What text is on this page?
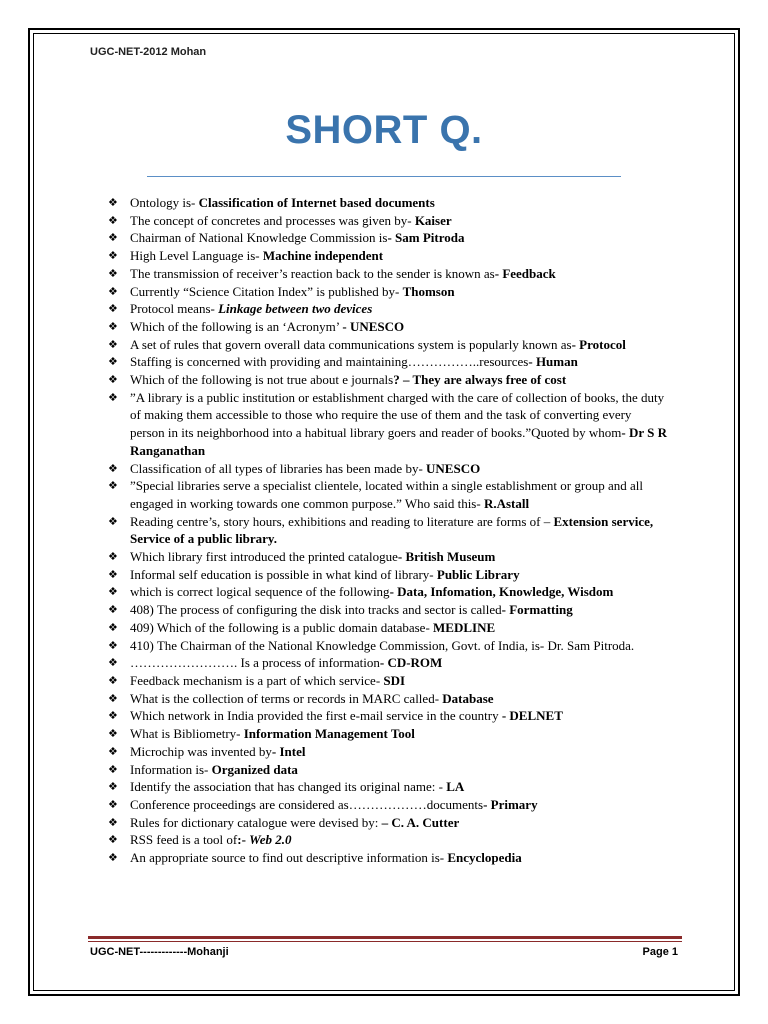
UGC-NET-2012 Mohan
SHORT Q.
❖ Ontology is- Classification of Internet based documents
❖ The concept of concretes and processes was given by- Kaiser
❖ Chairman of National Knowledge Commission is- Sam Pitroda
❖ High Level Language is- Machine independent
❖ The transmission of receiver’s reaction back to the sender is known as- Feedback
❖ Currently “Science Citation Index” is published by- Thomson
❖ Protocol means- Linkage between two devices
❖ Which of the following is an ‘Acronym’ - UNESCO
❖ A set of rules that govern overall data communications system is popularly known as- Protocol
❖ Staffing is concerned with providing and maintaining……………..resources- Human
❖ Which of the following is not true about e journals? – They are always free of cost
❖ ”A library is a public institution or establishment charged with the care of collection of books, the duty of making them accessible to those who require the use of them and the task of converting every person in its neighborhood into a habitual library goers and reader of books.”Quoted by whom- Dr S R Ranganathan
❖ Classification of all types of libraries has been made by- UNESCO
❖ ”Special libraries serve a specialist clientele, located within a single establishment or group and all engaged in working towards one common purpose.” Who said this- R.Astall
❖ Reading centre’s, story hours, exhibitions and reading to literature are forms of – Extension service, Service of a public library.
❖ Which library first introduced the printed catalogue- British Museum
❖ Informal self education is possible in what kind of library- Public Library
❖ which is correct logical sequence of the following- Data, Infomation, Knowledge, Wisdom
❖ 408) The process of configuring the disk into tracks and sector is called- Formatting
❖ 409) Which of the following is a public domain database- MEDLINE
❖ 410) The Chairman of the National Knowledge Commission, Govt. of India, is- Dr. Sam Pitroda.
❖ ……………………. Is a process of information- CD-ROM
❖ Feedback mechanism is a part of which service- SDI
❖ What is the collection of terms or records in MARC called- Database
❖ Which network in India provided the first e-mail service in the country - DELNET
❖ What is Bibliometry- Information Management Tool
❖ Microchip was invented by- Intel
❖ Information is- Organized data
❖ Identify the association that has changed its original name: - LA
❖ Conference proceedings are considered as………………documents- Primary
❖ Rules for dictionary catalogue were devised by: – C. A. Cutter
❖ RSS feed is a tool of:- Web 2.0
❖ An appropriate source to find out descriptive information is- Encyclopedia
UGC-NET-------------Mohanji	Page 1
